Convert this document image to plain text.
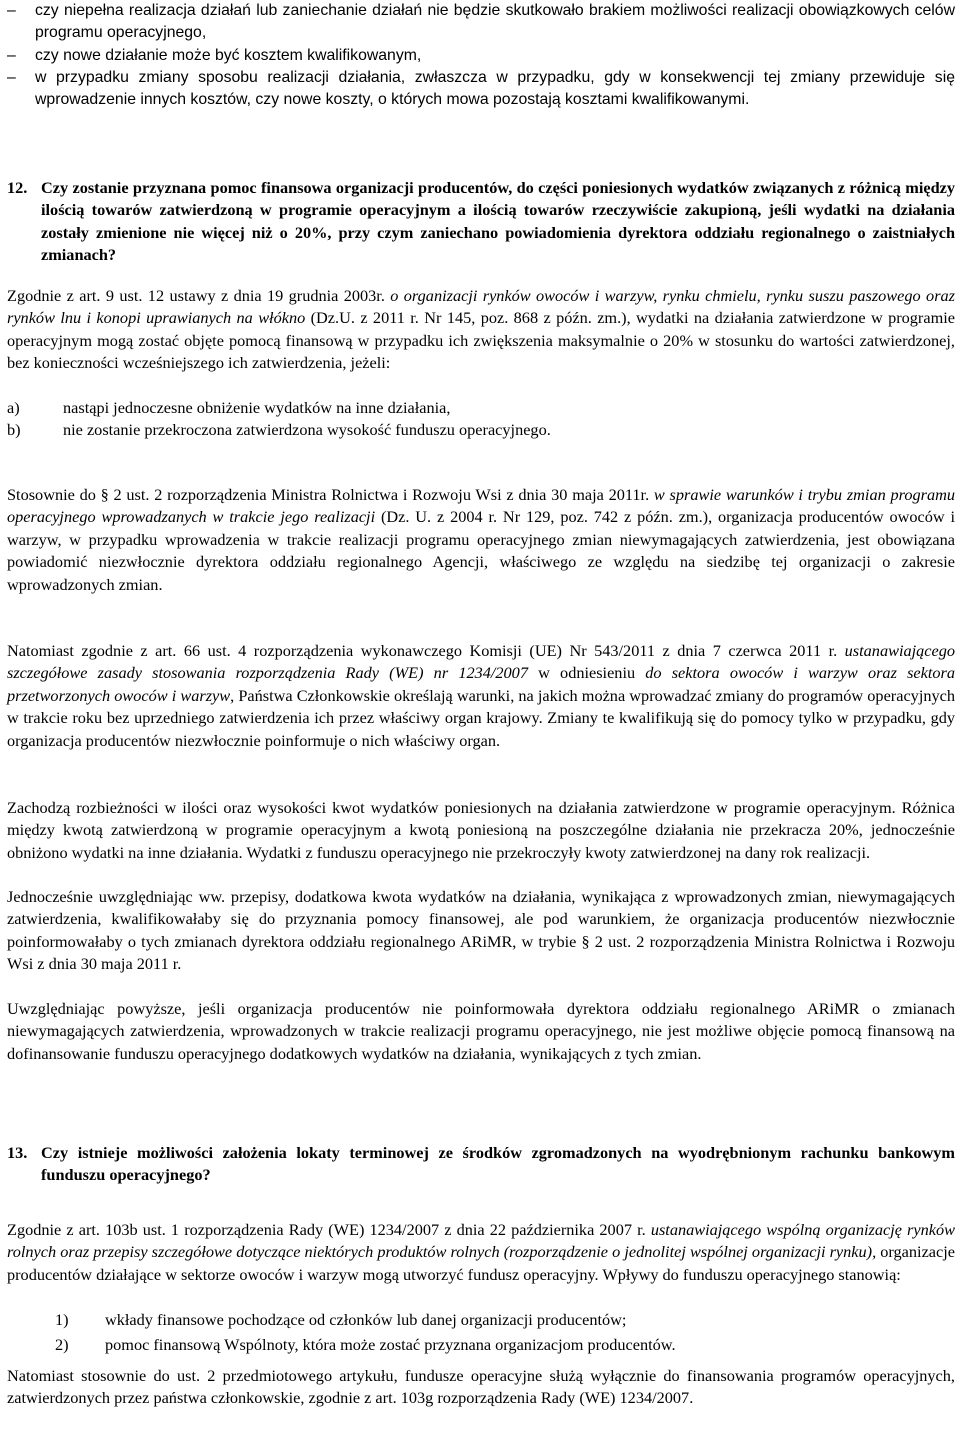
– czy niepełna realizacja działań lub zaniechanie działań nie będzie skutkowało brakiem możliwości realizacji obowiązkowych celów programu operacyjnego,

– czy nowe działanie może być kosztem kwalifikowanym,

– w przypadku zmiany sposobu realizacji działania, zwłaszcza w przypadku, gdy w konsekwencji tej zmiany przewiduje się wprowadzenie innych kosztów, czy nowe koszty, o których mowa pozostają kosztami kwalifikowanymi.

12. Czy zostanie przyznana pomoc finansowa organizacji producentów, do części poniesionych wydatków związanych z różnicą między ilością towarów zatwierdzoną w programie operacyjnym a ilością towarów rzeczywiście zakupioną, jeśli wydatki na działania zostały zmienione nie więcej niż o 20%, przy czym zaniechano powiadomienia dyrektora oddziału regionalnego o zaistniałych zmianach?

Zgodnie z art. 9 ust. 12 ustawy z dnia 19 grudnia 2003r. o organizacji rynków owoców i warzyw, rynku chmielu, rynku suszu paszowego oraz rynków lnu i konopi uprawianych na włókno (Dz.U. z 2011 r. Nr 145, poz. 868 z późn. zm.), wydatki na działania zatwierdzone w programie operacyjnym mogą zostać objęte pomocą finansową w przypadku ich zwiększenia maksymalnie o 20% w stosunku do wartości zatwierdzonej, bez konieczności wcześniejszego ich zatwierdzenia, jeżeli:

a)	nastąpi jednoczesne obniżenie wydatków na inne działania,

b)	nie zostanie przekroczona zatwierdzona wysokość funduszu operacyjnego.

Stosownie do § 2 ust. 2 rozporządzenia Ministra Rolnictwa i Rozwoju Wsi z dnia 30 maja 2011r. w sprawie warunków i trybu zmian programu operacyjnego wprowadzanych w trakcie jego realizacji (Dz. U. z 2004 r. Nr 129, poz. 742 z późn. zm.), organizacja producentów owoców i warzyw, w przypadku wprowadzenia w trakcie realizacji programu operacyjnego zmian niewymagających zatwierdzenia, jest obowiązana powiadomić niezwłocznie dyrektora oddziału regionalnego Agencji, właściwego ze względu na siedzibę tej organizacji o zakresie wprowadzonych zmian.

Natomiast zgodnie z art. 66 ust. 4 rozporządzenia wykonawczego Komisji (UE) Nr 543/2011 z dnia 7 czerwca 2011 r. ustanawiającego szczegółowe zasady stosowania rozporządzenia Rady (WE) nr 1234/2007 w odniesieniu do sektora owoców i warzyw oraz sektora przetworzonych owoców i warzyw, Państwa Członkowskie określają warunki, na jakich można wprowadzać zmiany do programów operacyjnych w trakcie roku bez uprzedniego zatwierdzenia ich przez właściwy organ krajowy. Zmiany te kwalifikują się do pomocy tylko w przypadku, gdy organizacja producentów niezwłocznie poinformuje o nich właściwy organ.

Zachodzą rozbieżności w ilości oraz wysokości kwot wydatków poniesionych na działania zatwierdzone w programie operacyjnym. Różnica między kwotą zatwierdzoną w programie operacyjnym a kwotą poniesioną na poszczególne działania nie przekracza 20%, jednocześnie obniżono wydatki na inne działania. Wydatki z funduszu operacyjnego nie przekroczyły kwoty zatwierdzonej na dany rok realizacji.

Jednocześnie uwzględniając ww. przepisy, dodatkowa kwota wydatków na działania, wynikająca z wprowadzonych zmian, niewymagających zatwierdzenia, kwalifikowałaby się do przyznania pomocy finansowej, ale pod warunkiem, że organizacja producentów niezwłocznie poinformowałaby o tych zmianach dyrektora oddziału regionalnego ARiMR, w trybie § 2 ust. 2 rozporządzenia Ministra Rolnictwa i Rozwoju Wsi z dnia 30 maja 2011 r.

Uwzględniając powyższe, jeśli organizacja producentów nie poinformowała dyrektora oddziału regionalnego ARiMR o zmianach niewymagających zatwierdzenia, wprowadzonych w trakcie realizacji programu operacyjnego, nie jest możliwe objęcie pomocą finansową na dofinansowanie funduszu operacyjnego dodatkowych wydatków na działania, wynikających z tych zmian.

13. Czy istnieje możliwości założenia lokaty terminowej ze środków zgromadzonych na wyodrębnionym rachunku bankowym funduszu operacyjnego?

Zgodnie z art. 103b ust. 1 rozporządzenia Rady (WE) 1234/2007 z dnia 22 października 2007 r. ustanawiającego wspólną organizację rynków rolnych oraz przepisy szczegółowe dotyczące niektórych produktów rolnych (rozporządzenie o jednolitej wspólnej organizacji rynku), organizacje producentów działające w sektorze owoców i warzyw mogą utworzyć fundusz operacyjny. Wpływy do funduszu operacyjnego stanowią:

1) wkłady finansowe pochodzące od członków lub danej organizacji producentów;

2) pomoc finansową Wspólnoty, która może zostać przyznana organizacjom producentów.

Natomiast stosownie do ust. 2 przedmiotowego artykułu, fundusze operacyjne służą wyłącznie do finansowania programów operacyjnych, zatwierdzonych przez państwa członkowskie, zgodnie z art. 103g rozporządzenia Rady (WE) 1234/2007.
